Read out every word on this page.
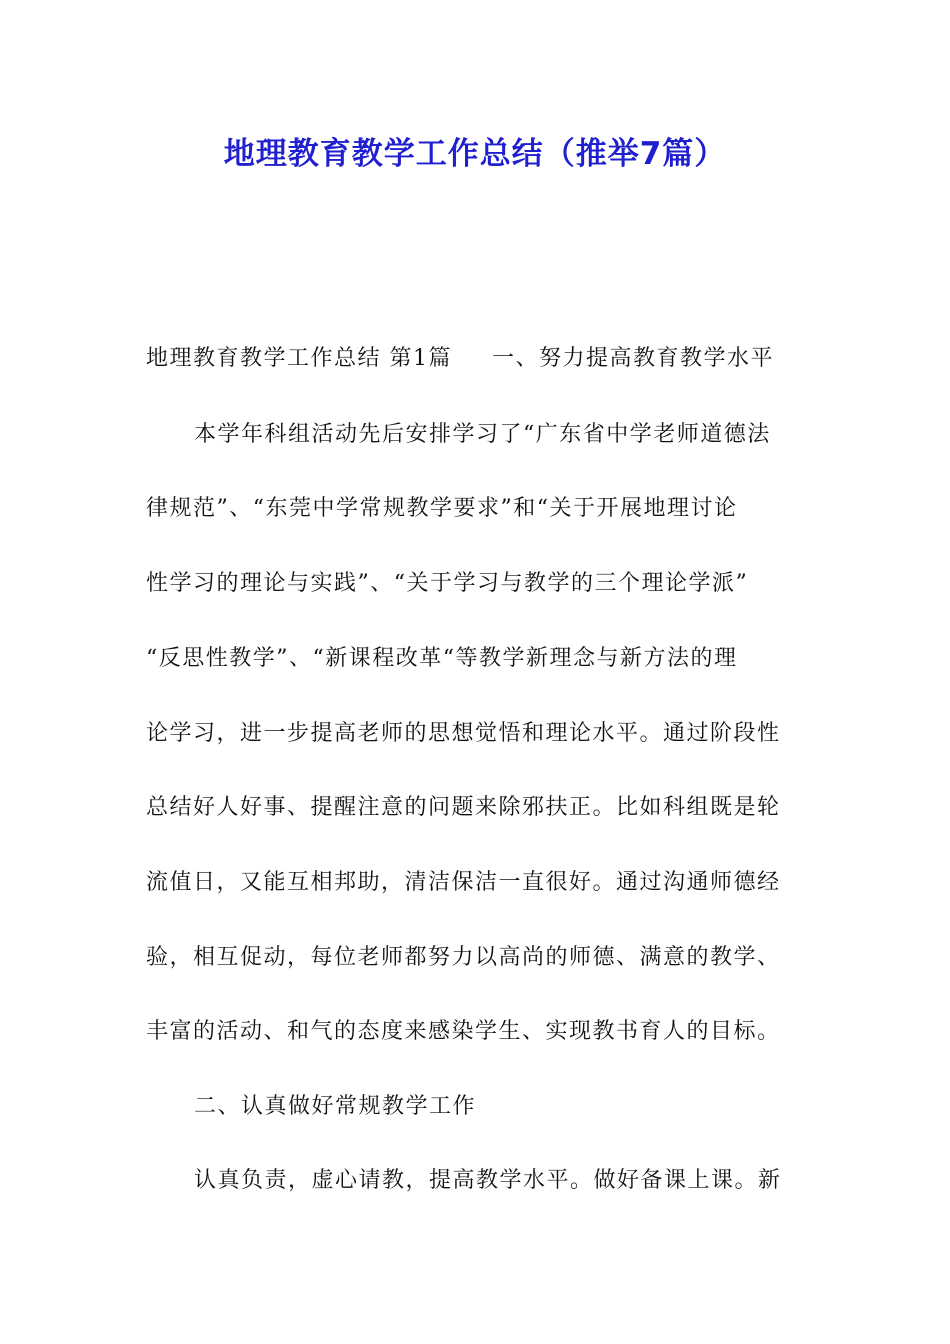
地理教育教学工作总结（推举7篇）
地理教育教学工作总结 第1篇 一、努力提高教育教学水平
本学年科组活动先后安排学习了“广东省中学老师道德法
律规范”、“东莞中学常规教学要求”和“关于开展地理讨论
性学习的理论与实践”、“关于学习与教学的三个理论学派”
“反思性教学”、“新课程改革“等教学新理念与新方法的理
论学习，进一步提高老师的思想觉悟和理论水平。通过阶段性
总结好人好事、提醒注意的问题来除邪扶正。比如科组既是轮
流值日，又能互相邦助，清洁保洁一直很好。通过沟通师德经
验，相互促动，每位老师都努力以高尚的师德、满意的教学、
丰富的活动、和气的态度来感染学生、实现教书育人的目标。
二、认真做好常规教学工作
认真负责，虚心请教，提高教学水平。做好备课上课。新
